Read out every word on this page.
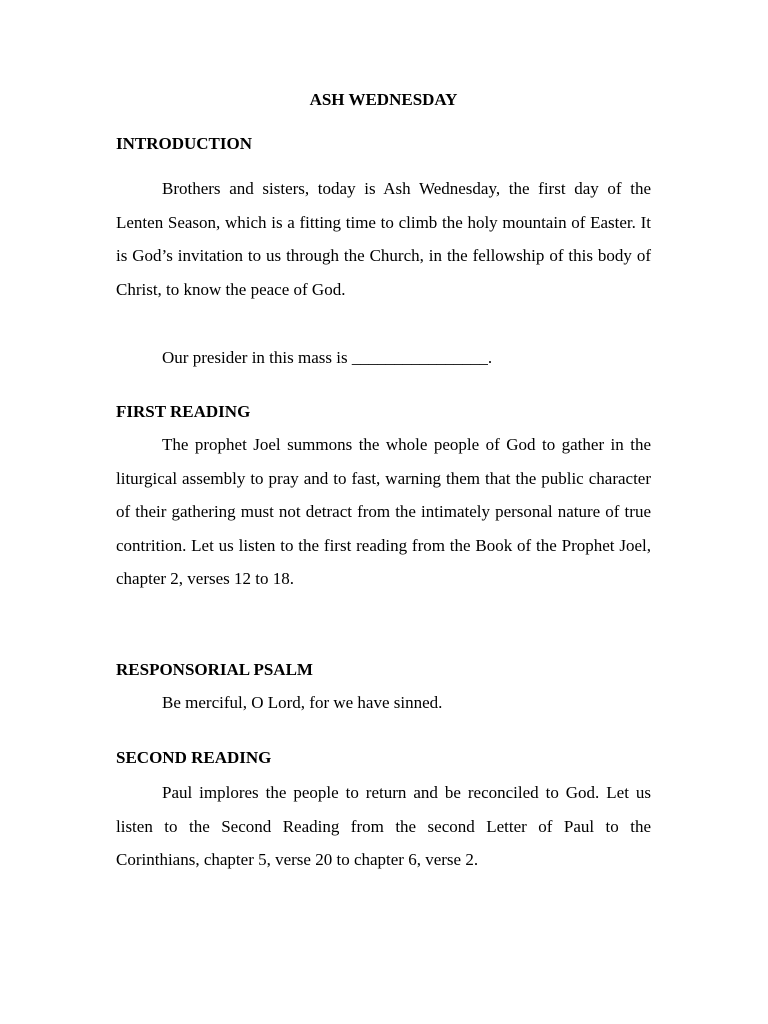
ASH WEDNESDAY
INTRODUCTION

Brothers and sisters, today is Ash Wednesday, the first day of the Lenten Season, which is a fitting time to climb the holy mountain of Easter. It is God’s invitation to us through the Church, in the fellowship of this body of Christ, to know the peace of God.

Our presider in this mass is ________________.

FIRST READING

The prophet Joel summons the whole people of God to gather in the liturgical assembly to pray and to fast, warning them that the public character of their gathering must not detract from the intimately personal nature of true contrition. Let us listen to the first reading from the Book of the Prophet Joel, chapter 2, verses 12 to 18.

RESPONSORIAL PSALM

Be merciful, O Lord, for we have sinned.

SECOND READING

Paul implores the people to return and be reconciled to God. Let us listen to the Second Reading from the second Letter of Paul to the Corinthians, chapter 5, verse 20 to chapter 6, verse 2.
